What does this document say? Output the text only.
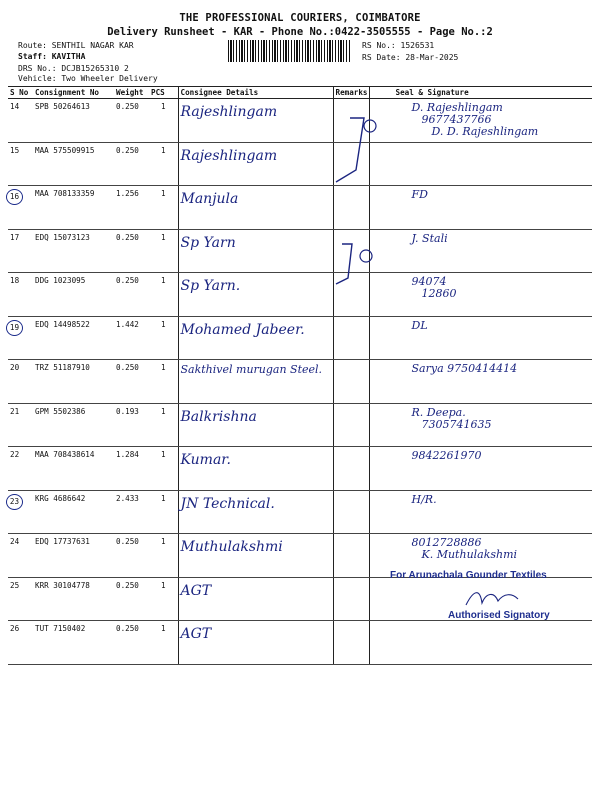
THE PROFESSIONAL COURIERS, COIMBATORE
Delivery Runsheet - KAR - Phone No.:0422-3505555 - Page No.:2
Route: SENTHIL NAGAR KAR
Staff: KAVITHA
DRS No.: DCJB15265310 2
Vehicle: Two Wheeler Delivery
RS No.: 1526531
RS Date: 28-Mar-2025
S No	Consignment No	Weight	PCS	Consignee Details	Remarks	Seal & Signature
14	SPB 50264613	0.250	1	Rajeshlingam		D. Rajeshlingam
9677437766
D. D. Rajeshlingam

15	MAA 575509915	0.250	1	Rajeshlingam		
16	MAA 708133359	1.256	1	Manjula		FD

17	EDQ 15073123	0.250	1	Sp Yarn		J. Stali

18	DDG 1023095	0.250	1	Sp Yarn.		94074
12860

19	EDQ 14498522	1.442	1	Mohamed Jabeer.		DL

20	TRZ 51187910	0.250	1	Sakthivel murugan Steel.		Sarya 9750414414

21	GPM 5502386	0.193	1	Balkrishna		R. Deepa.
7305741635

22	MAA 708438614	1.284	1	Kumar.		9842261970

23	KRG 4686642	2.433	1	JN Technical.		H/R.

24	EDQ 17737631	0.250	1	Muthulakshmi		8012728886
K. Muthulakshmi

25	KRR 30104778	0.250	1	AGT		
26	TUT 7150402	0.250	1	AGT		
For Arunachala Gounder Textiles
Authorised Signatory
